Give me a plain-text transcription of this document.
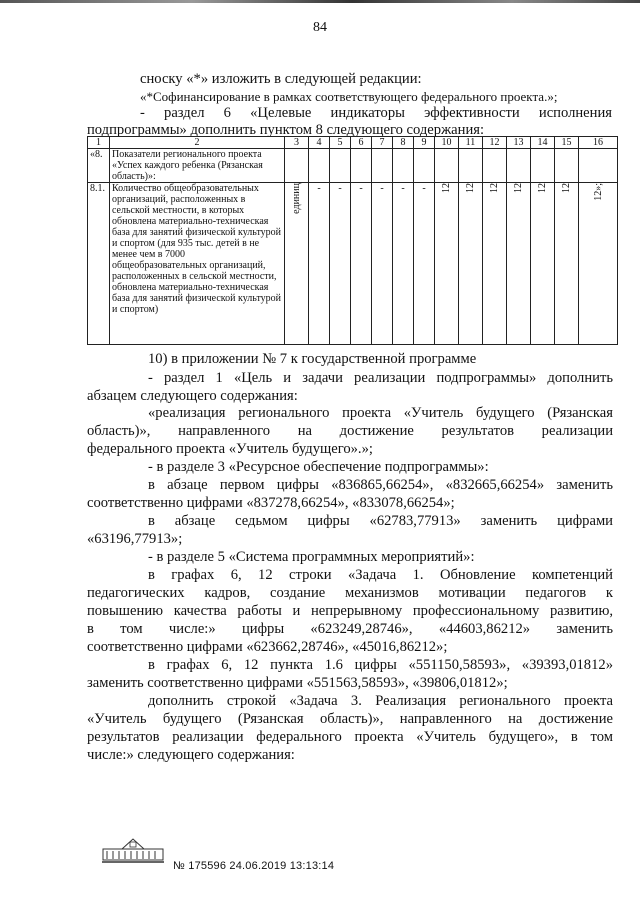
84

сноску «*» изложить в следующей редакции:

«*Софинансирование в рамках соответствующего федерального проекта.»;

- раздел 6 «Целевые индикаторы эффективности исполнения

подпрограммы» дополнить пунктом 8 следующего содержания:

1	2	3	4	5	6	7	8	9	10	11	12	13	14	15	16
«8.	Показатели регионального проекта «Успех каждого ребенка (Рязанская область)»:														
8.1.	Количество общеобразовательных организаций, расположенных в сельской местности, в которых обновлена материально-техническая база для занятий физической культурой и спортом (для 935 тыс. детей в не менее чем в 7000 общеобразовательных организаций, расположенных в сельской местности, обновлена материально-техническая база для занятий физической культурой и спортом)	единиц	-	-	-	-	-	-	12	12	12	12	12	12	12»;

10) в приложении № 7 к государственной программе

- раздел 1 «Цель и задачи реализации подпрограммы» дополнить

абзацем следующего содержания:

«реализация регионального проекта «Учитель будущего (Рязанская

область)», направленного на достижение результатов реализации

федерального проекта «Учитель будущего».»;

- в разделе 3 «Ресурсное обеспечение подпрограммы»:

в абзаце первом цифры «836865,66254», «832665,66254» заменить

соответственно цифрами «837278,66254», «833078,66254»;

в абзаце седьмом цифры «62783,77913» заменить цифрами

«63196,77913»;

- в разделе 5 «Система программных мероприятий»:

в графах 6, 12 строки «Задача 1. Обновление компетенций

педагогических кадров, создание механизмов мотивации педагогов к

повышению качества работы и непрерывному профессиональному развитию,

в том числе:» цифры «623249,28746», «44603,86212» заменить

соответственно цифрами «623662,28746», «45016,86212»;

в графах 6, 12 пункта 1.6 цифры «551150,58593», «39393,01812»

заменить соответственно цифрами «551563,58593», «39806,01812»;

дополнить строкой «Задача 3. Реализация регионального проекта

«Учитель будущего (Рязанская область)», направленного на достижение

результатов реализации федерального проекта «Учитель будущего», в том

числе:» следующего содержания:

№ 175596 24.06.2019 13:13:14
